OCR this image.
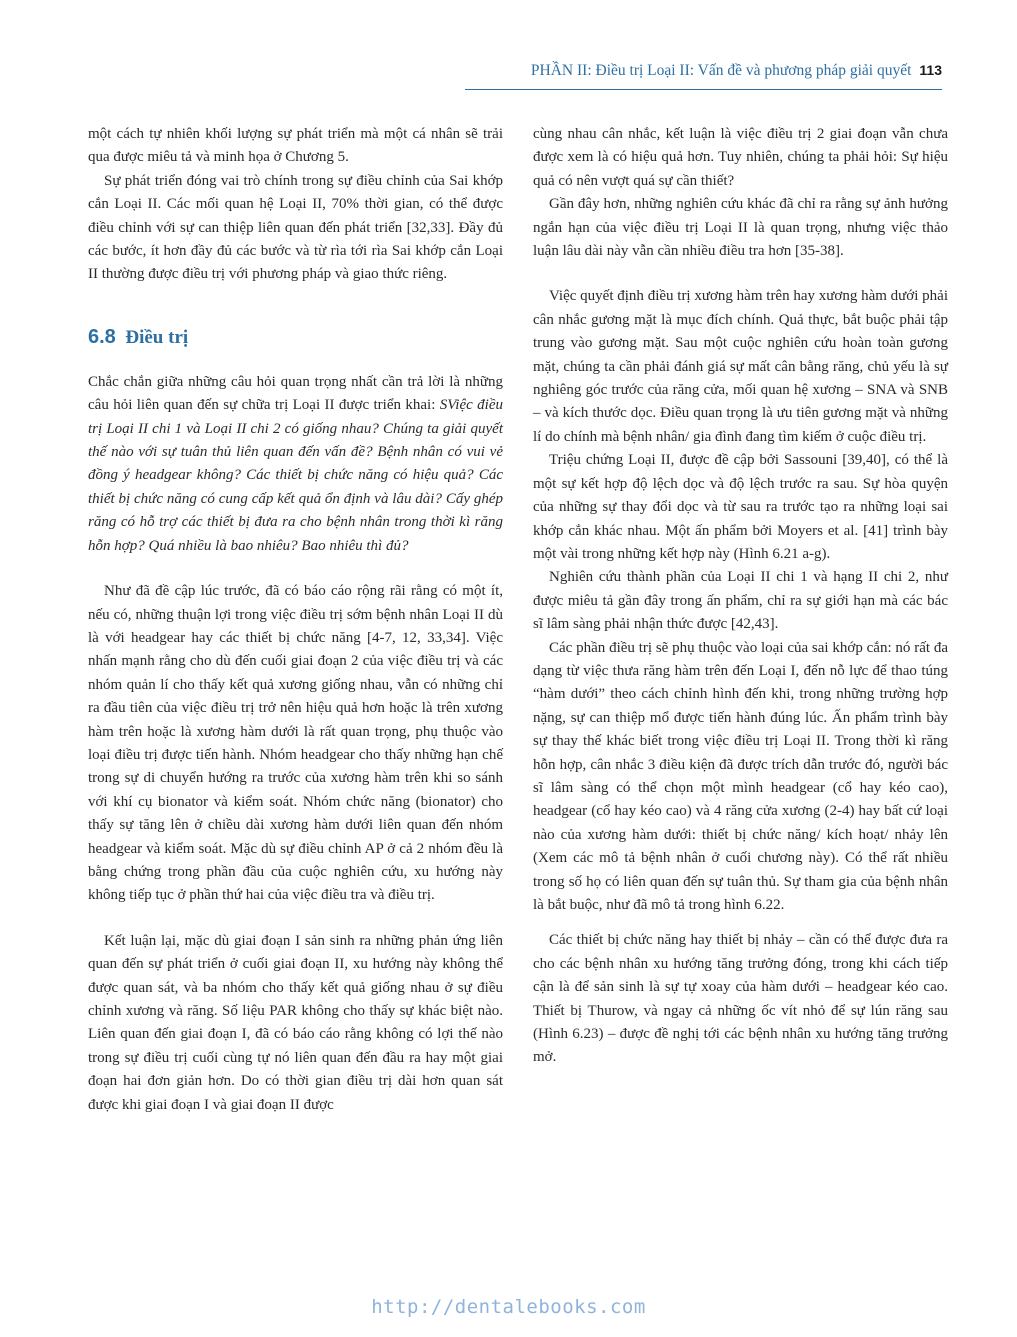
PHẦN II: Điều trị Loại II: Vấn đề và phương pháp giải quyết 113

một cách tự nhiên khối lượng sự phát triển mà một cá nhân sẽ trải qua được miêu tả và minh họa ở Chương 5.

Sự phát triển đóng vai trò chính trong sự điều chỉnh của Sai khớp cắn Loại II. Các mối quan hệ Loại II, 70% thời gian, có thể được điều chỉnh với sự can thiệp liên quan đến phát triển [32,33]. Đầy đủ các bước, ít hơn đầy đủ các bước và từ rìa tới rìa Sai khớp cắn Loại II thường được điều trị với phương pháp và giao thức riêng.

6.8 Điều trị

Chắc chắn giữa những câu hỏi quan trọng nhất cần trả lời là những câu hỏi liên quan đến sự chữa trị Loại II được triển khai: SViệc điều trị Loại II chi 1 và Loại II chi 2 có giống nhau? Chúng ta giải quyết thế nào với sự tuân thủ liên quan đến vấn đề? Bệnh nhân có vui vẻ đồng ý headgear không? Các thiết bị chức năng có hiệu quả? Các thiết bị chức năng có cung cấp kết quả ổn định và lâu dài? Cấy ghép răng có hỗ trợ các thiết bị đưa ra cho bệnh nhân trong thời kì răng hỗn hợp? Quá nhiều là bao nhiêu? Bao nhiêu thì đủ?

Như đã đề cập lúc trước, đã có báo cáo rộng rãi rằng có một ít, nếu có, những thuận lợi trong việc điều trị sớm bệnh nhân Loại II dù là với headgear hay các thiết bị chức năng [4-7, 12, 33,34]. Việc nhấn mạnh rằng cho dù đến cuối giai đoạn 2 của việc điều trị và các nhóm quản lí cho thấy kết quả xương giống nhau, vẫn có những chỉ ra đầu tiên của việc điều trị trở nên hiệu quả hơn hoặc là trên xương hàm trên hoặc là xương hàm dưới là rất quan trọng, phụ thuộc vào loại điều trị được tiến hành. Nhóm headgear cho thấy những hạn chế trong sự di chuyển hướng ra trước của xương hàm trên khi so sánh với khí cụ bionator và kiểm soát. Nhóm chức năng (bionator) cho thấy sự tăng lên ở chiều dài xương hàm dưới liên quan đến nhóm headgear và kiểm soát. Mặc dù sự điều chỉnh AP ở cả 2 nhóm đều là bằng chứng trong phần đầu của cuộc nghiên cứu, xu hướng này không tiếp tục ở phần thứ hai của việc điều tra và điều trị.

Kết luận lại, mặc dù giai đoạn I sản sinh ra những phản ứng liên quan đến sự phát triển ở cuối giai đoạn II, xu hướng này không thể được quan sát, và ba nhóm cho thấy kết quả giống nhau ở sự điều chỉnh xương và răng. Số liệu PAR không cho thấy sự khác biệt nào. Liên quan đến giai đoạn I, đã có báo cáo rằng không có lợi thế nào trong sự điều trị cuối cùng tự nó liên quan đến đầu ra hay một giai đoạn hai đơn giản hơn. Do có thời gian điều trị dài hơn quan sát được khi giai đoạn I và giai đoạn II được

cùng nhau cân nhắc, kết luận là việc điều trị 2 giai đoạn vẫn chưa được xem là có hiệu quả hơn. Tuy nhiên, chúng ta phải hỏi: Sự hiệu quả có nên vượt quá sự cần thiết?

Gần đây hơn, những nghiên cứu khác đã chỉ ra rằng sự ảnh hưởng ngắn hạn của việc điều trị Loại II là quan trọng, nhưng việc thảo luận lâu dài này vẫn cần nhiều điều tra hơn [35-38].

Việc quyết định điều trị xương hàm trên hay xương hàm dưới phải cân nhắc gương mặt là mục đích chính. Quả thực, bắt buộc phải tập trung vào gương mặt. Sau một cuộc nghiên cứu hoàn toàn gương mặt, chúng ta cần phải đánh giá sự mất cân bằng răng, chủ yếu là sự nghiêng góc trước của răng cửa, mối quan hệ xương – SNA và SNB – và kích thước dọc. Điều quan trọng là ưu tiên gương mặt và những lí do chính mà bệnh nhân/ gia đình đang tìm kiếm ở cuộc điều trị.

Triệu chứng Loại II, được đề cập bởi Sassouni [39,40], có thể là một sự kết hợp độ lệch dọc và độ lệch trước ra sau. Sự hòa quyện của những sự thay đổi dọc và từ sau ra trước tạo ra những loại sai khớp cắn khác nhau. Một ấn phẩm bởi Moyers et al. [41] trình bày một vài trong những kết hợp này (Hình 6.21 a-g).

Nghiên cứu thành phần của Loại II chi 1 và hạng II chi 2, như được miêu tả gần đây trong ấn phẩm, chỉ ra sự giới hạn mà các bác sĩ lâm sàng phải nhận thức được [42,43].

Các phần điều trị sẽ phụ thuộc vào loại của sai khớp cắn: nó rất đa dạng từ việc thưa răng hàm trên đến Loại I, đến nỗ lực để thao túng “hàm dưới” theo cách chỉnh hình đến khi, trong những trường hợp nặng, sự can thiệp mổ được tiến hành đúng lúc. Ấn phẩm trình bày sự thay thế khác biết trong việc điều trị Loại II. Trong thời kì răng hỗn hợp, cân nhắc 3 điều kiện đã được trích dẫn trước đó, người bác sĩ lâm sàng có thể chọn một mình headgear (cổ hay kéo cao), headgear (cổ hay kéo cao) và 4 răng cửa xương (2-4) hay bất cứ loại nào của xương hàm dưới: thiết bị chức năng/ kích hoạt/ nhảy lên (Xem các mô tả bệnh nhân ở cuối chương này). Có thể rất nhiều trong số họ có liên quan đến sự tuân thủ. Sự tham gia của bệnh nhân là bắt buộc, như đã mô tả trong hình 6.22.

Các thiết bị chức năng hay thiết bị nhảy – cần có thể được đưa ra cho các bệnh nhân xu hướng tăng trưởng đóng, trong khi cách tiếp cận là để sản sinh là sự tự xoay của hàm dưới – headgear kéo cao. Thiết bị Thurow, và ngay cả những ốc vít nhỏ để sự lún răng sau (Hình 6.23) – được đề nghị tới các bệnh nhân xu hướng tăng trưởng mở.

http://dentalebooks.com
